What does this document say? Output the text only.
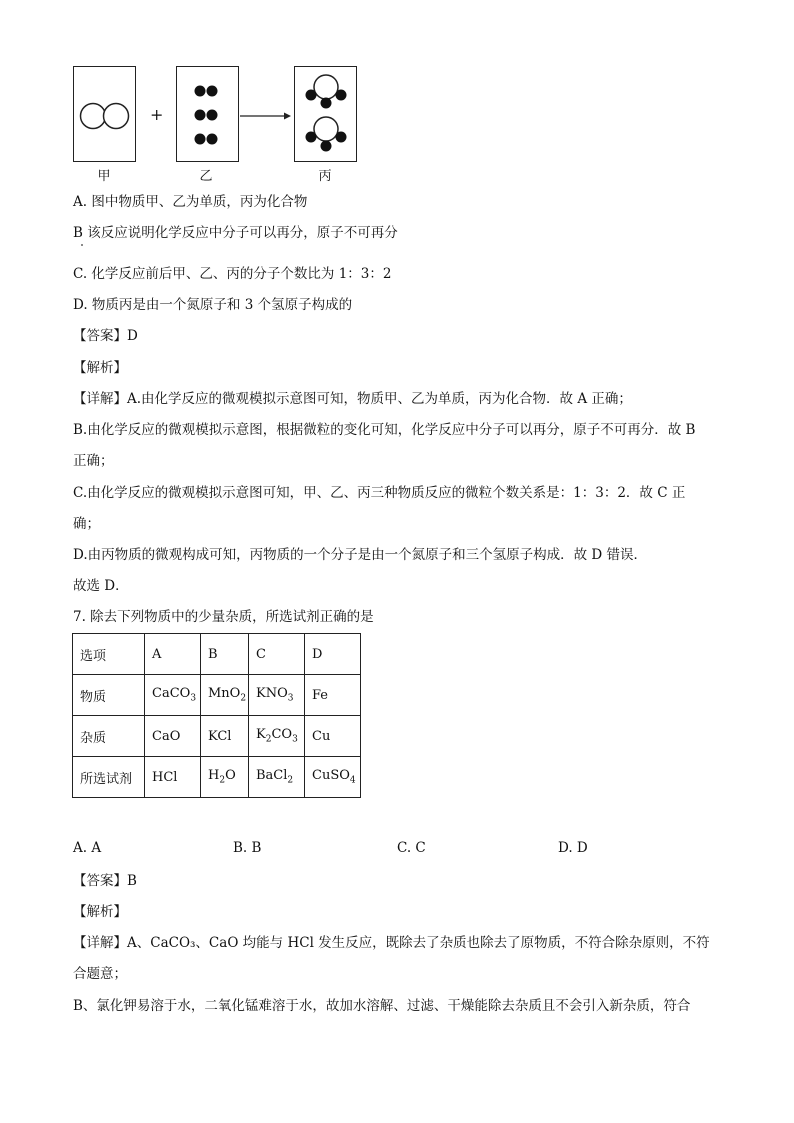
+
甲	乙	丙
A. 图中物质甲、乙为单质，丙为化合物
B 该反应说明化学反应中分子可以再分，原子不可再分
C. 化学反应前后甲、乙、丙的分子个数比为 1：3：2
D. 物质丙是由一个氮原子和 3 个氢原子构成的
【答案】D
【解析】
【详解】A.由化学反应的微观模拟示意图可知，物质甲、乙为单质，丙为化合物．故 A 正确；
B.由化学反应的微观模拟示意图，根据微粒的变化可知，化学反应中分子可以再分，原子不可再分．故 B
正确；
C.由化学反应的微观模拟示意图可知，甲、乙、丙三种物质反应的微粒个数关系是：1：3：2．故 C 正
确；
D.由丙物质的微观构成可知，丙物质的一个分子是由一个氮原子和三个氢原子构成．故 D 错误．
故选 D．
7. 除去下列物质中的少量杂质，所选试剂正确的是
选项	A	B	C	D
物质	CaCO$_3$	MnO$_2$	$KNO_3$	Fe
杂质	CaO	KCl	$K_2CO_3$	Cu
所选试剂	HCl	$H_2O$	BaCl$_2$	CuSO$_4$
A. A	B. B	C. C	D. D
【答案】B
【解析】
【详解】A、CaCO₃、CaO 均能与 HCl 发生反应，既除去了杂质也除去了原物质，不符合除杂原则，不符
合题意；
B、氯化钾易溶于水，二氧化锰难溶于水，故加水溶解、过滤、干燥能除去杂质且不会引入新杂质，符合
